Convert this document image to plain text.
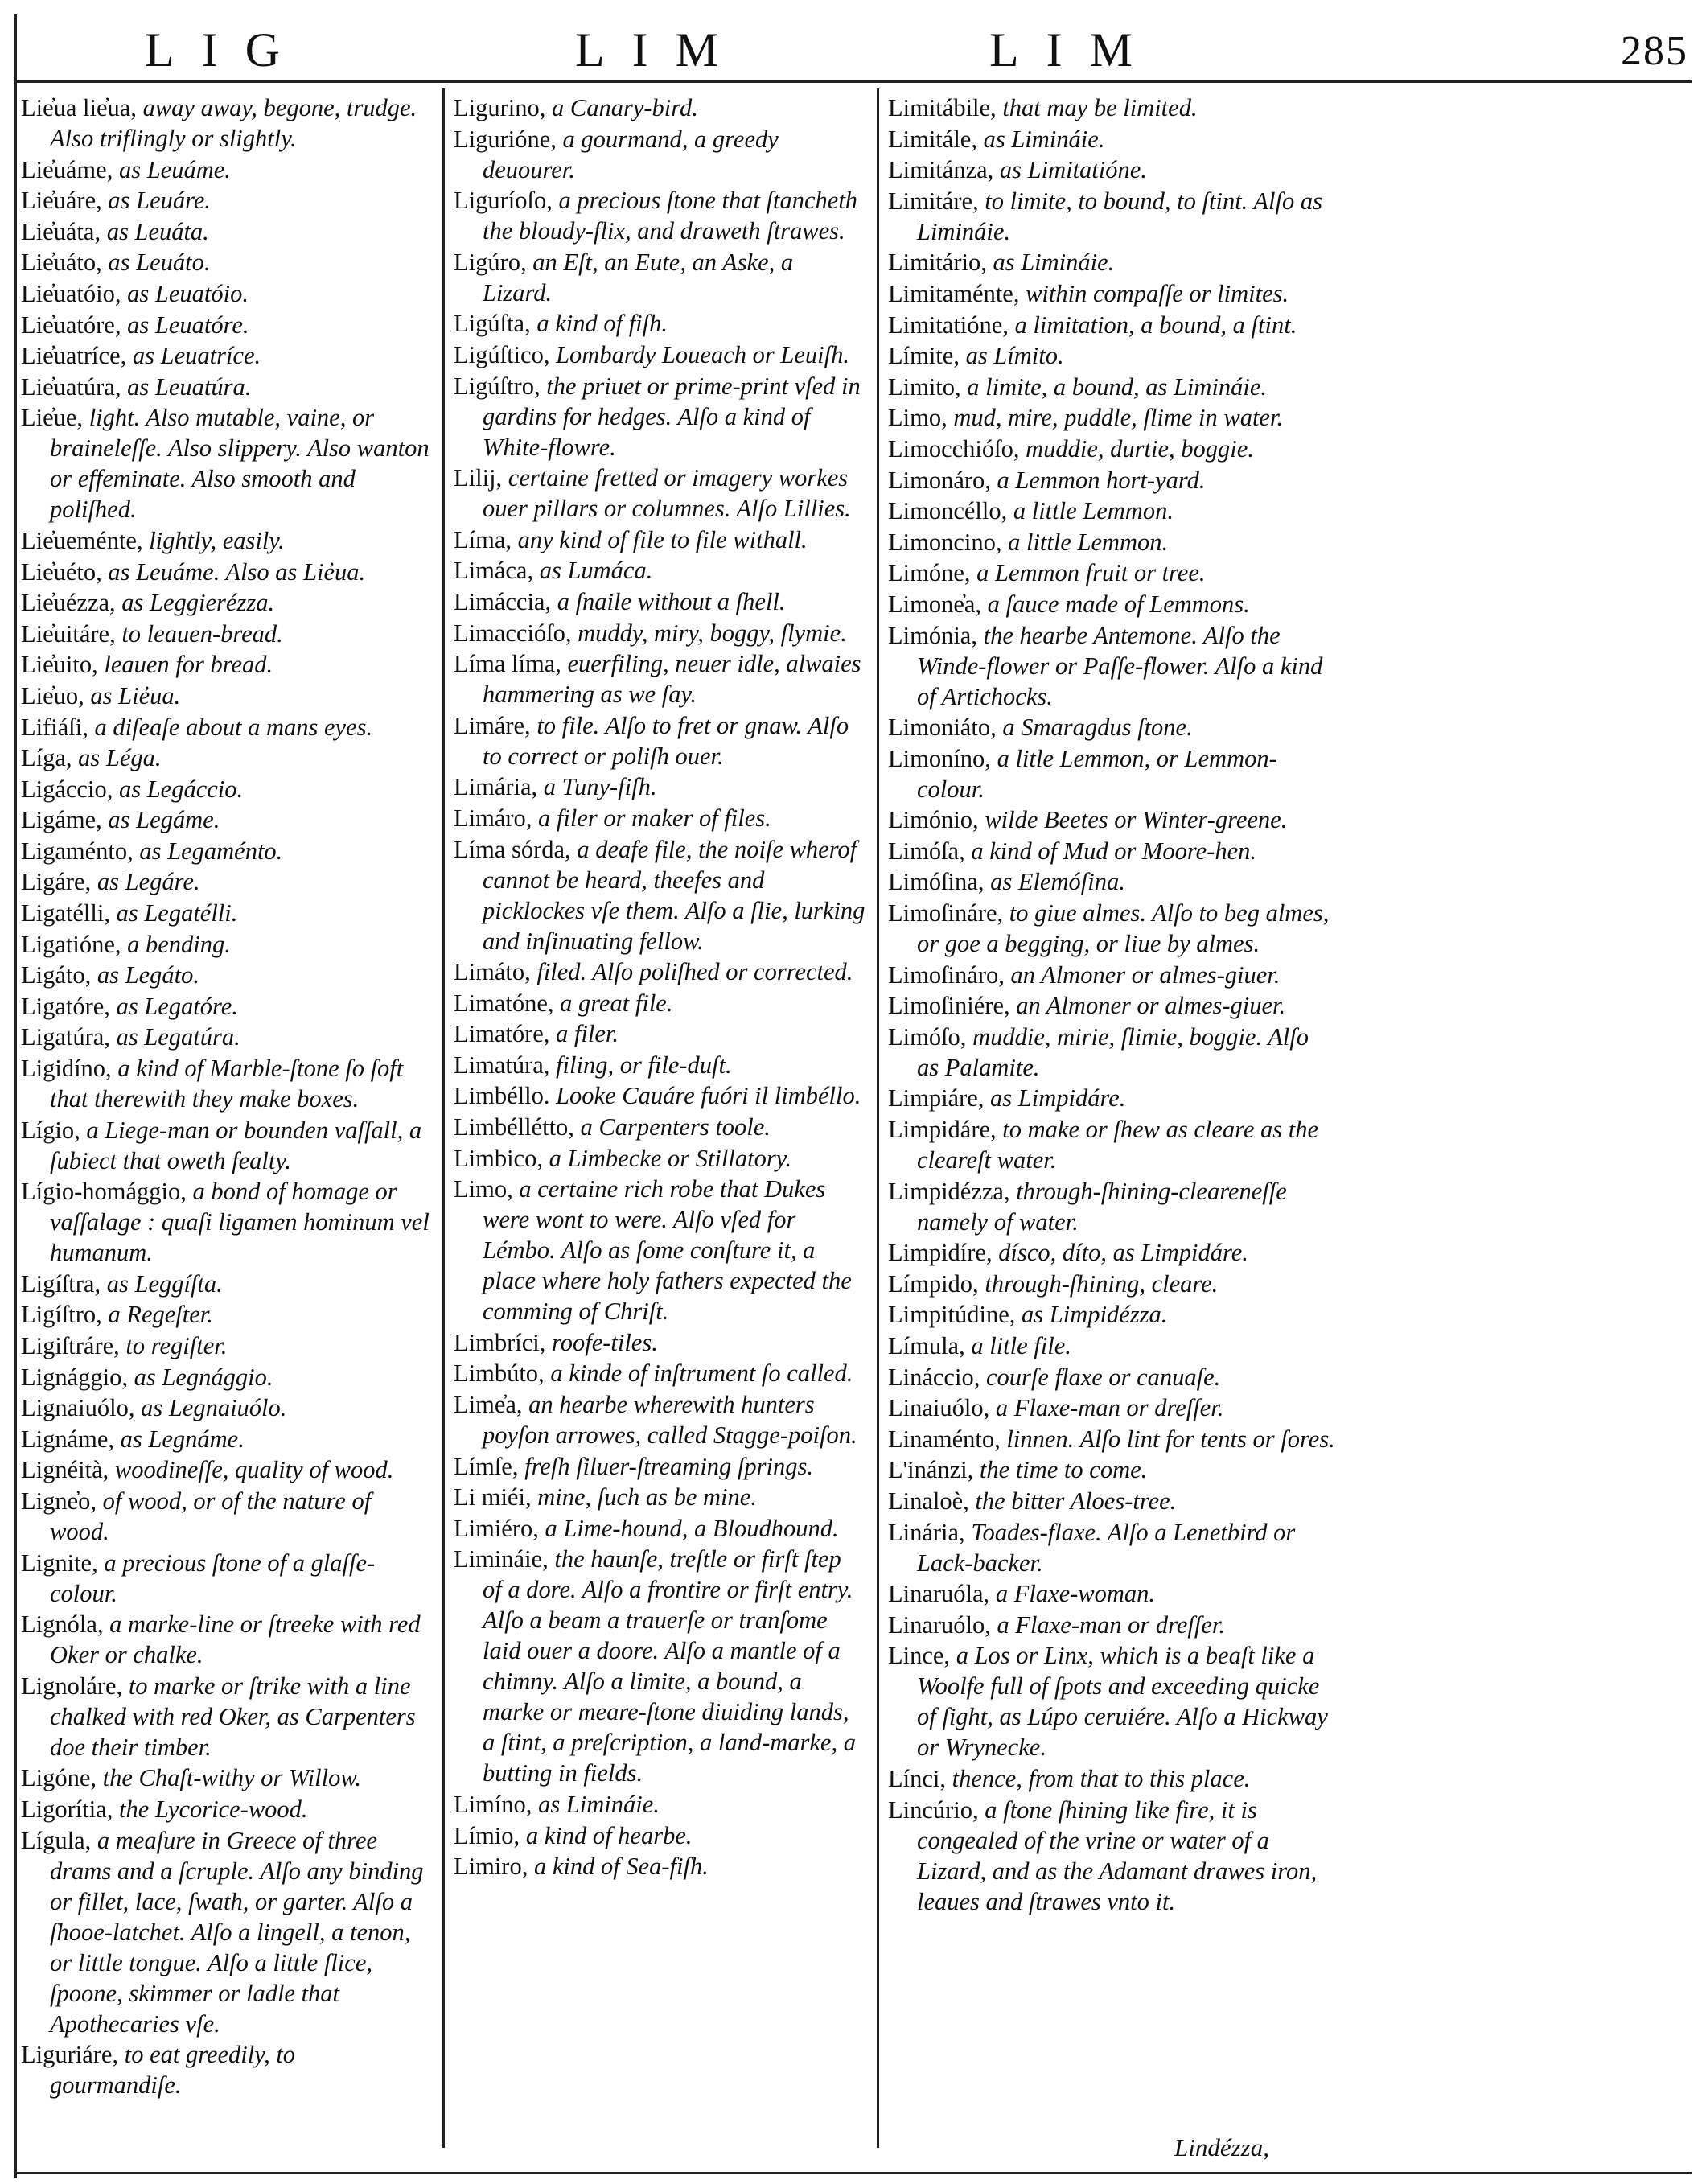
LIG	LIM	LIM	285

Lie̓ua lie̓ua, away away, begone, trudge. Also triflingly or slightly.

Lie̓uáme, as Leuáme.

Lie̓uáre, as Leuáre.

Lie̓uáta, as Leuáta.

Lie̓uáto, as Leuáto.

Lie̓uatóio, as Leuatóio.

Lie̓uatóre, as Leuatóre.

Lie̓uatríce, as Leuatríce.

Lie̓uatúra, as Leuatúra.

Lie̓ue, light. Also mutable, vaine, or braineleſſe. Also slippery. Also wanton or effeminate. Also smooth and poliſhed.

Lie̓ueménte, lightly, easily.

Lie̓uéto, as Leuáme. Also as Lie̓ua.

Lie̓uézza, as Leggierézza.

Lie̓uitáre, to leauen-bread.

Lie̓uito, leauen for bread.

Lie̓uo, as Lie̓ua.

Lifiáſi, a diſeaſe about a mans eyes.

Líga, as Léga.

Ligáccio, as Legáccio.

Ligáme, as Legáme.

Ligaménto, as Legaménto.

Ligáre, as Legáre.

Ligatélli, as Legatélli.

Ligatióne, a bending.

Ligáto, as Legáto.

Ligatóre, as Legatóre.

Ligatúra, as Legatúra.

Ligidíno, a kind of Marble-ſtone ſo ſoft that therewith they make boxes.

Lígio, a Liege-man or bounden vaſſall, a ſubiect that oweth fealty.

Lígio-homággio, a bond of homage or vaſſalage : quaſi ligamen hominum vel humanum.

Ligíſtra, as Leggíſta.

Ligíſtro, a Regeſter.

Ligiſtráre, to regiſter.

Lignággio, as Legnággio.

Lignaiuólo, as Legnaiuólo.

Lignáme, as Legnáme.

Lignéità, woodineſſe, quality of wood.

Ligne̓o, of wood, or of the nature of wood.

Lignite, a precious ſtone of a glaſſe-colour.

Lignóla, a marke-line or ſtreeke with red Oker or chalke.

Lignoláre, to marke or ſtrike with a line chalked with red Oker, as Carpenters doe their timber.

Ligóne, the Chaſt-withy or Willow.

Ligorítia, the Lycorice-wood.

Lígula, a meaſure in Greece of three drams and a ſcruple. Alſo any binding or fillet, lace, ſwath, or garter. Alſo a ſhooe-latchet. Alſo a lingell, a tenon, or little tongue. Alſo a little ſlice, ſpoone, skimmer or ladle that Apothecaries vſe.

Liguriáre, to eat greedily, to gourmandiſe.

Ligurino, a Canary-bird.

Ligurióne, a gourmand, a greedy deuourer.

Liguríoſo, a precious ſtone that ſtancheth the bloudy-flix, and draweth ſtrawes.

Ligúro, an Eſt, an Eute, an Aske, a Lizard.

Ligúſta, a kind of fiſh.

Ligúſtico, Lombardy Loueach or Leuiſh.

Ligúſtro, the priuet or prime-print vſed in gardins for hedges. Alſo a kind of White-flowre.

Lilij, certaine fretted or imagery workes ouer pillars or columnes. Alſo Lillies.

Líma, any kind of file to file withall.

Limáca, as Lumáca.

Limáccia, a ſnaile without a ſhell.

Limaccióſo, muddy, miry, boggy, ſlymie.

Líma líma, euerfiling, neuer idle, alwaies hammering as we ſay.

Limáre, to file. Alſo to fret or gnaw. Alſo to correct or poliſh ouer.

Limária, a Tuny-fiſh.

Limáro, a filer or maker of files.

Líma sórda, a deafe file, the noiſe wherof cannot be heard, theefes and picklockes vſe them. Alſo a ſlie, lurking and inſinuating fellow.

Limáto, filed. Alſo poliſhed or corrected.

Limatóne, a great file.

Limatóre, a filer.

Limatúra, filing, or file-duſt.

Limbéllo. Looke Cauáre fuóri il limbéllo.

Limbéllétto, a Carpenters toole.

Limbico, a Limbecke or Stillatory.

Limo, a certaine rich robe that Dukes were wont to were. Alſo vſed for Lémbo. Alſo as ſome conſture it, a place where holy fathers expected the comming of Chriſt.

Limbríci, roofe-tiles.

Limbúto, a kinde of inſtrument ſo called.

Lime̓a, an hearbe wherewith hunters poyſon arrowes, called Stagge-poiſon.

Límſe, freſh ſiluer-ſtreaming ſprings.

Li miéi, mine, ſuch as be mine.

Limiéro, a Lime-hound, a Bloudhound.

Limináie, the haunſe, treſtle or firſt ſtep of a dore. Alſo a frontire or firſt entry. Alſo a beam a trauerſe or tranſome laid ouer a doore. Alſo a mantle of a chimny. Alſo a limite, a bound, a marke or meare-ſtone diuiding lands, a ſtint, a preſcription, a land-marke, a butting in fields.

Limíno, as Limináie.

Límio, a kind of hearbe.

Limiro, a kind of Sea-fiſh.

Limitábile, that may be limited.

Limitále, as Limináie.

Limitánza, as Limitatióne.

Limitáre, to limite, to bound, to ſtint. Alſo as Limináie.

Limitário, as Limináie.

Limitaménte, within compaſſe or limites.

Limitatióne, a limitation, a bound, a ſtint.

Límite, as Límito.

Limito, a limite, a bound, as Limináie.

Limo, mud, mire, puddle, ſlime in water.

Limocchióſo, muddie, durtie, boggie.

Limonáro, a Lemmon hort-yard.

Limoncéllo, a little Lemmon.

Limoncino, a little Lemmon.

Limóne, a Lemmon fruit or tree.

Limone̓a, a ſauce made of Lemmons.

Limónia, the hearbe Antemone. Alſo the Winde-flower or Paſſe-flower. Alſo a kind of Artichocks.

Limoniáto, a Smaragdus ſtone.

Limoníno, a litle Lemmon, or Lemmon-colour.

Limónio, wilde Beetes or Winter-greene.

Limóſa, a kind of Mud or Moore-hen.

Limóſina, as Elemóſina.

Limoſináre, to giue almes. Alſo to beg almes, or goe a begging, or liue by almes.

Limoſináro, an Almoner or almes-giuer.

Limoſiniére, an Almoner or almes-giuer.

Limóſo, muddie, mirie, ſlimie, boggie. Alſo as Palamite.

Limpiáre, as Limpidáre.

Limpidáre, to make or ſhew as cleare as the cleareſt water.

Limpidézza, through-ſhining-cleareneſſe namely of water.

Limpidíre, dísco, díto, as Limpidáre.

Límpido, through-ſhining, cleare.

Limpitúdine, as Limpidézza.

Límula, a litle file.

Lináccio, courſe flaxe or canuaſe.

Linaiuólo, a Flaxe-man or dreſſer.

Linaménto, linnen. Alſo lint for tents or ſores.

L'inánzi, the time to come.

Linaloè, the bitter Aloes-tree.

Linária, Toades-flaxe. Alſo a Lenetbird or Lack-backer.

Linaruóla, a Flaxe-woman.

Linaruólo, a Flaxe-man or dreſſer.

Lince, a Los or Linx, which is a beaſt like a Woolfe full of ſpots and exceeding quicke of ſight, as Lúpo ceruiére. Alſo a Hickway or Wrynecke.

Línci, thence, from that to this place.

Lincúrio, a ſtone ſhining like fire, it is congealed of the vrine or water of a Lizard, and as the Adamant drawes iron, leaues and ſtrawes vnto it.

Lindézza,
